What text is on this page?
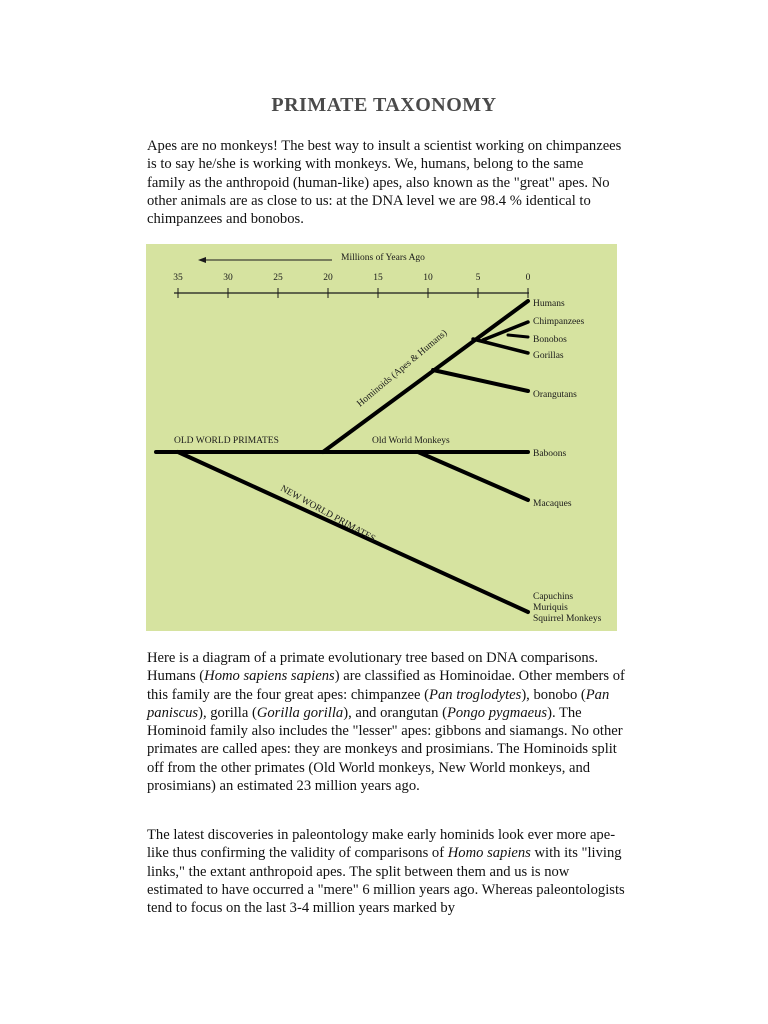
PRIMATE TAXONOMY

Apes are no monkeys! The best way to insult a scientist working on chimpanzees is to say he/she is working with monkeys. We, humans, belong to the same family as the anthropoid (human-like) apes, also known as the "great" apes. No other animals are as close to us: at the DNA level we are 98.4 % identical to chimpanzees and bonobos.

Millions of Years Ago
35	30	25	20	15	10	5	0
OLD WORLD PRIMATES	Old World Monkeys
Hominoids (Apes & Humans)
NEW WORLD PRIMATES
Humans
Chimpanzees
Bonobos
Gorillas
Orangutans
Baboons
Macaques
Capuchins
Muriquis
Squirrel Monkeys

Here is a diagram of a primate evolutionary tree based on DNA comparisons. Humans (Homo sapiens sapiens) are classified as Hominoidae. Other members of this family are the four great apes: chimpanzee (Pan troglodytes), bonobo (Pan paniscus), gorilla (Gorilla gorilla), and orangutan (Pongo pygmaeus). The Hominoid family also includes the "lesser" apes: gibbons and siamangs. No other primates are called apes: they are monkeys and prosimians. The Hominoids split off from the other primates (Old World monkeys, New World monkeys, and prosimians) an estimated 23 million years ago.

The latest discoveries in paleontology make early hominids look ever more ape-like thus confirming the validity of comparisons of Homo sapiens with its "living links," the extant anthropoid apes. The split between them and us is now estimated to have occurred a "mere" 6 million years ago. Whereas paleontologists tend to focus on the last 3-4 million years marked by
